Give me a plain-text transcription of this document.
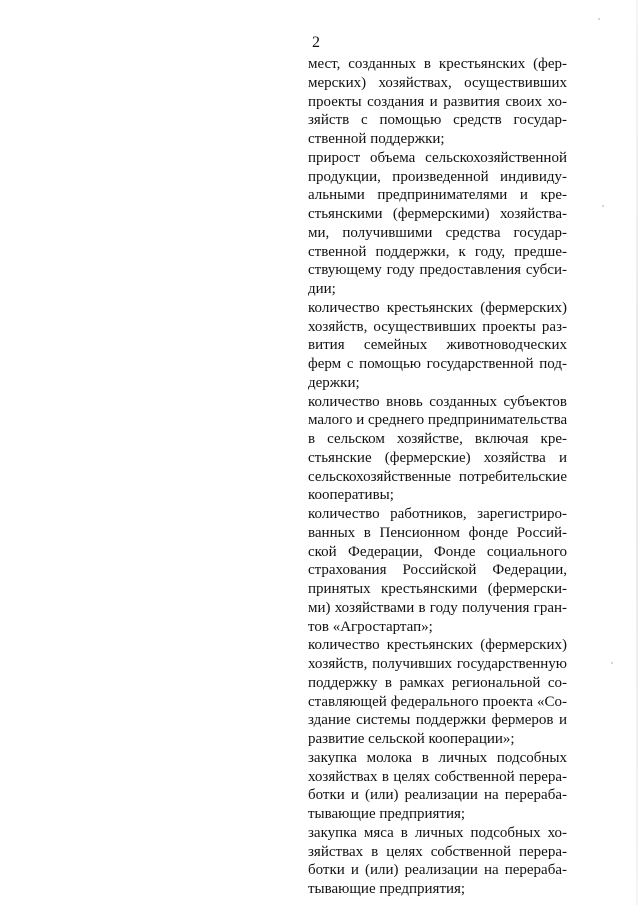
2
мест, созданных в крестьянских (фер-
мерских) хозяйствах, осуществивших
проекты создания и развития своих хо-
зяйств с помощью средств государ-
ственной поддержки;
прирост объема сельскохозяйственной
продукции, произведенной индивиду-
альными предпринимателями и кре-
стьянскими (фермерскими) хозяйства-
ми, получившими средства государ-
ственной поддержки, к году, предше-
ствующему году предоставления субси-
дии;
количество крестьянских (фермерских)
хозяйств, осуществивших проекты раз-
вития семейных животноводческих
ферм с помощью государственной под-
держки;
количество вновь созданных субъектов
малого и среднего предпринимательства
в сельском хозяйстве, включая кре-
стьянские (фермерские) хозяйства и
сельскохозяйственные потребительские
кооперативы;
количество работников, зарегистриро-
ванных в Пенсионном фонде Россий-
ской Федерации, Фонде социального
страхования Российской Федерации,
принятых крестьянскими (фермерски-
ми) хозяйствами в году получения гран-
тов «Агростартап»;
количество крестьянских (фермерских)
хозяйств, получивших государственную
поддержку в рамках региональной со-
ставляющей федерального проекта «Со-
здание системы поддержки фермеров и
развитие сельской кооперации»;
закупка молока в личных подсобных
хозяйствах в целях собственной перера-
ботки и (или) реализации на перераба-
тывающие предприятия;
закупка мяса в личных подсобных хо-
зяйствах в целях собственной перера-
ботки и (или) реализации на перераба-
тывающие предприятия;
